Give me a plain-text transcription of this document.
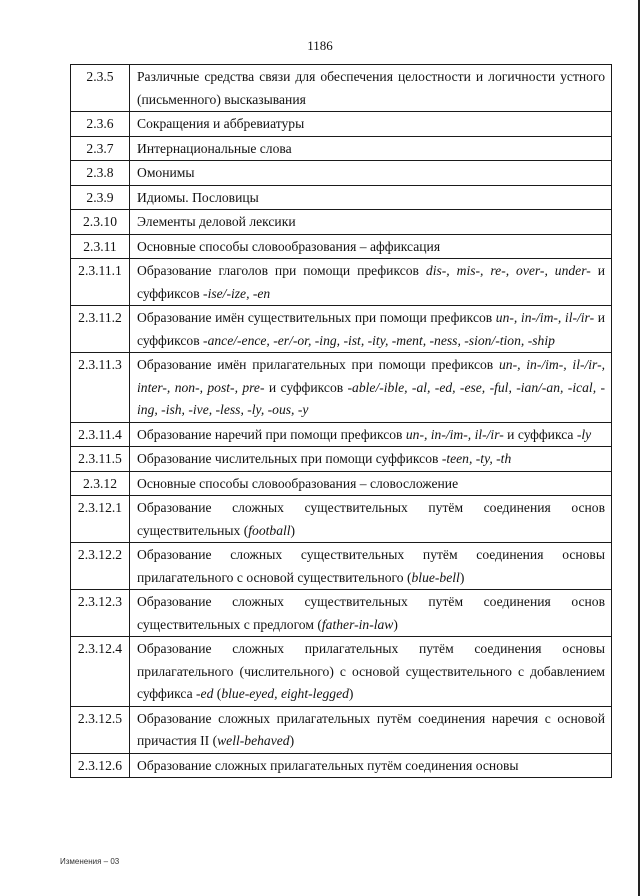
1186
2.3.5	Различные средства связи для обеспечения целостности и логичности устного (письменного) высказывания
2.3.6	Сокращения и аббревиатуры
2.3.7	Интернациональные слова
2.3.8	Омонимы
2.3.9	Идиомы. Пословицы
2.3.10	Элементы деловой лексики
2.3.11	Основные способы словообразования – аффиксация
2.3.11.1	Образование глаголов при помощи префиксов dis-, mis-, re-, over-, under- и суффиксов -ise/-ize, -en
2.3.11.2	Образование имён существительных при помощи префиксов un-, in-/im-, il-/ir- и суффиксов -ance/-ence, -er/-or, -ing, -ist, -ity, -ment, -ness, -sion/-tion, -ship
2.3.11.3	Образование имён прилагательных при помощи префиксов un-, in-/im-, il-/ir-, inter-, non-, post-, pre- и суффиксов -able/-ible, -al, -ed, -ese, -ful, -ian/-an, -ical, -ing, -ish, -ive, -less, -ly, -ous, -y
2.3.11.4	Образование наречий при помощи префиксов un-, in-/im-, il-/ir- и суффикса -ly
2.3.11.5	Образование числительных при помощи суффиксов -teen, -ty, -th
2.3.12	Основные способы словообразования – словосложение
2.3.12.1	Образование сложных существительных путём соединения основ существительных (football)
2.3.12.2	Образование сложных существительных путём соединения основы прилагательного с основой существительного (blue-bell)
2.3.12.3	Образование сложных существительных путём соединения основ существительных с предлогом (father-in-law)
2.3.12.4	Образование сложных прилагательных путём соединения основы прилагательного (числительного) с основой существительного с добавлением суффикса -ed (blue-eyed, eight-legged)
2.3.12.5	Образование сложных прилагательных путём соединения наречия с основой причастия II (well-behaved)
2.3.12.6	Образование сложных прилагательных путём соединения основы
Изменения – 03
